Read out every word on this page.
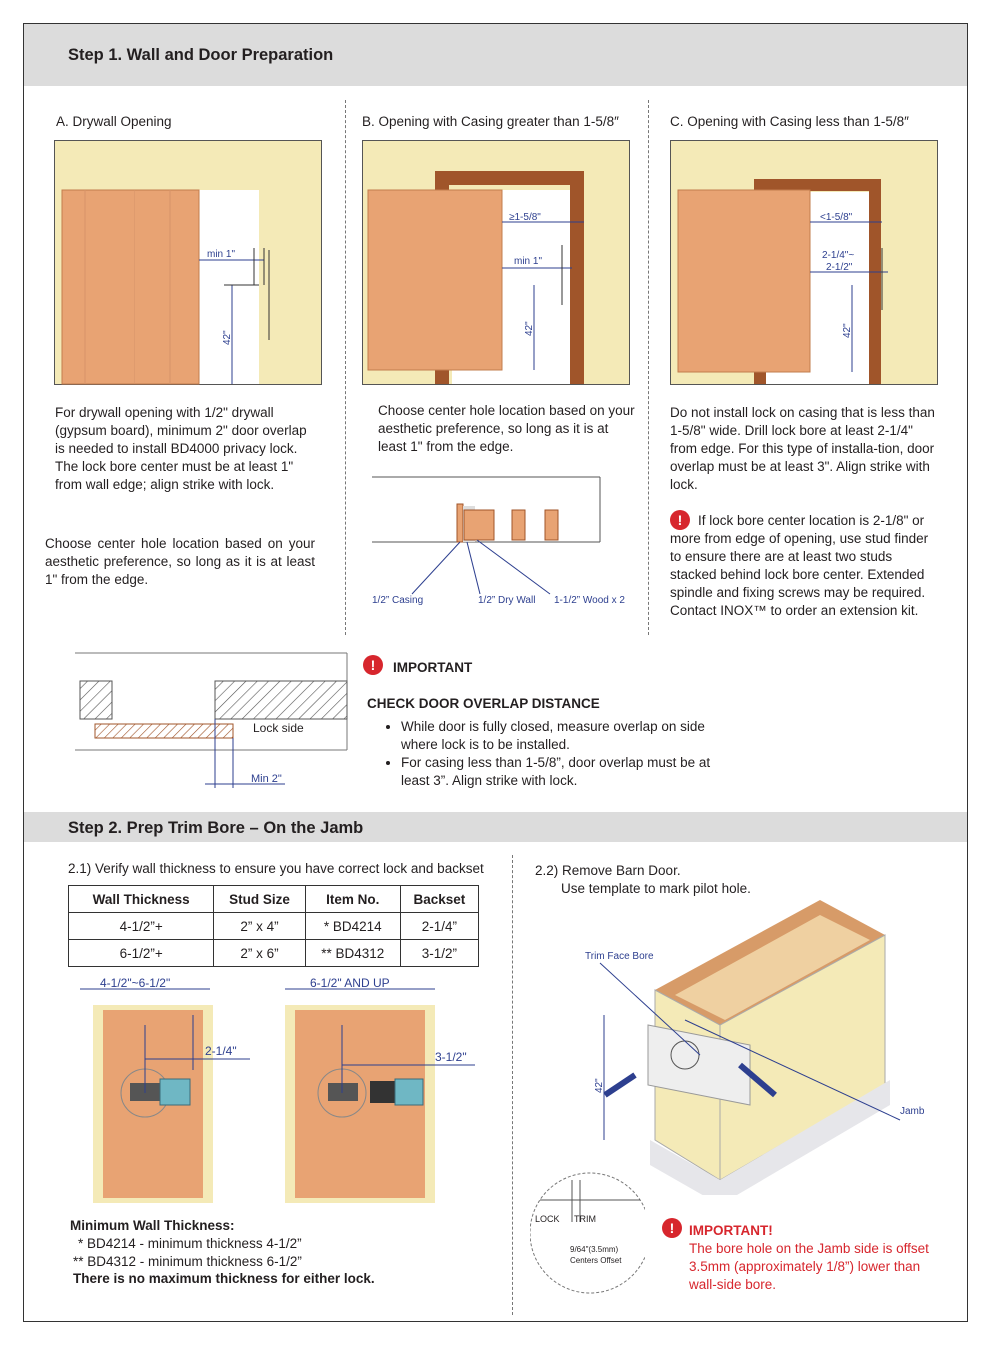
Step 1. Wall and Door Preparation

A. Drywall Opening

min 1"
42"

For drywall opening with 1/2" drywall (gypsum board), minimum 2" door overlap is needed to install BD4000 privacy lock. The lock bore center must be at least 1" from wall edge; align strike with lock.

Choose center hole location based on your aesthetic preference, so long as it is at least 1" from the edge.

B. Opening with Casing greater than 1-5/8″

≥1-5/8"
min 1"
42"

Choose center hole location based on your aesthetic preference, so long as it is at least 1" from the edge.

1/2” Casing	1/2” Dry Wall 1-1/2” Wood x 2

C. Opening with Casing less than 1-5/8″

<1-5/8"
2-1/4"~
2-1/2"
42"

Do not install lock on casing that is less than 1-5/8" wide. Drill lock bore at least 2-1/4" from edge. For this type of installa-tion, door overlap must be at least 3". Align strike with lock.

!	If lock bore center location is 2-1/8" or more from edge of opening, use stud finder to ensure there are at least two studs stacked behind lock bore center. Extended spindle and fixing screws may be required. Contact INOX™ to order an extension kit.

Lock side
Min 2"
!	IMPORTANT

CHECK DOOR OVERLAP DISTANCE

• While door is fully closed, measure overlap on side where lock is to be installed.
• For casing less than 1-5/8”, door overlap must be at least 3”. Align strike with lock.
Step 2. Prep Trim Bore – On the Jamb

2.1) Verify wall thickness to ensure you have correct lock and backset

Wall Thickness	Stud Size	Item No.	Backset
4-1/2”+	2” x 4”	* BD4214	2-1/4”
6-1/2”+	2” x 6”	** BD4312	3-1/2”
4-1/2"~6-1/2"
2-1/4"
6-1/2" AND UP
3-1/2"

Minimum Wall Thickness:

* BD4214 - minimum thickness 4-1/2”

** BD4312 - minimum thickness 6-1/2”

There is no maximum thickness for either lock.

2.2) Remove Barn Door.

Use template to mark pilot hole.

Trim Face Bore
Jamb
42"
LOCK TRIM
9/64"(3.5mm)
Centers Offset
!	IMPORTANT!

The bore hole on the Jamb side is offset 3.5mm (approximately 1/8”) lower than wall-side bore.
